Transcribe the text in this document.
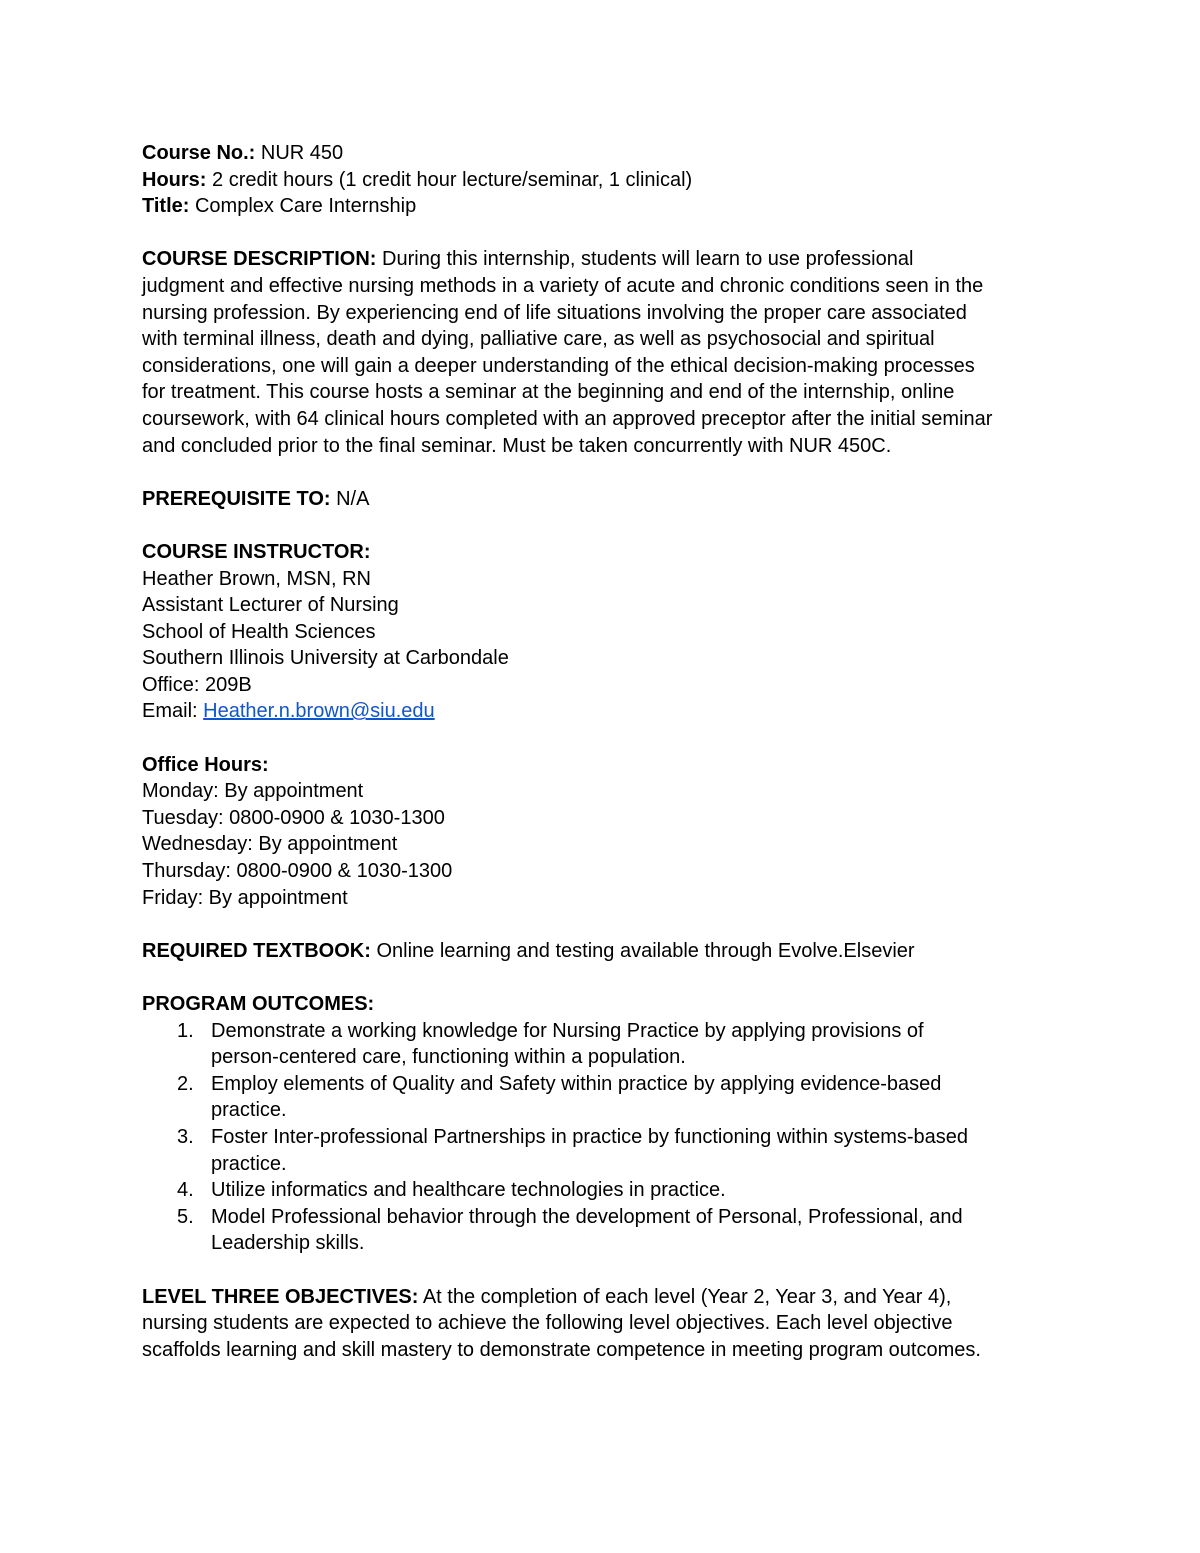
Course No.: NUR 450
Hours: 2 credit hours (1 credit hour lecture/seminar, 1 clinical)
Title: Complex Care Internship
COURSE DESCRIPTION: During this internship, students will learn to use professional
judgment and effective nursing methods in a variety of acute and chronic conditions seen in the
nursing profession. By experiencing end of life situations involving the proper care associated
with terminal illness, death and dying, palliative care, as well as psychosocial and spiritual
considerations, one will gain a deeper understanding of the ethical decision-making processes
for treatment. This course hosts a seminar at the beginning and end of the internship, online
coursework, with 64 clinical hours completed with an approved preceptor after the initial seminar
and concluded prior to the final seminar. Must be taken concurrently with NUR 450C.
PREREQUISITE TO: N/A
COURSE INSTRUCTOR:
Heather Brown, MSN, RN
Assistant Lecturer of Nursing
School of Health Sciences
Southern Illinois University at Carbondale
Office: 209B
Email: Heather.n.brown@siu.edu
Office Hours:
Monday: By appointment
Tuesday: 0800-0900 & 1030-1300
Wednesday: By appointment
Thursday: 0800-0900 & 1030-1300
Friday: By appointment
REQUIRED TEXTBOOK: Online learning and testing available through Evolve.Elsevier
PROGRAM OUTCOMES:
1. Demonstrate a working knowledge for Nursing Practice by applying provisions of
person-centered care, functioning within a population.
2. Employ elements of Quality and Safety within practice by applying evidence-based
practice.
3. Foster Inter-professional Partnerships in practice by functioning within systems-based
practice.
4. Utilize informatics and healthcare technologies in practice.
5. Model Professional behavior through the development of Personal, Professional, and
Leadership skills.
LEVEL THREE OBJECTIVES: At the completion of each level (Year 2, Year 3, and Year 4),
nursing students are expected to achieve the following level objectives. Each level objective
scaffolds learning and skill mastery to demonstrate competence in meeting program outcomes.
